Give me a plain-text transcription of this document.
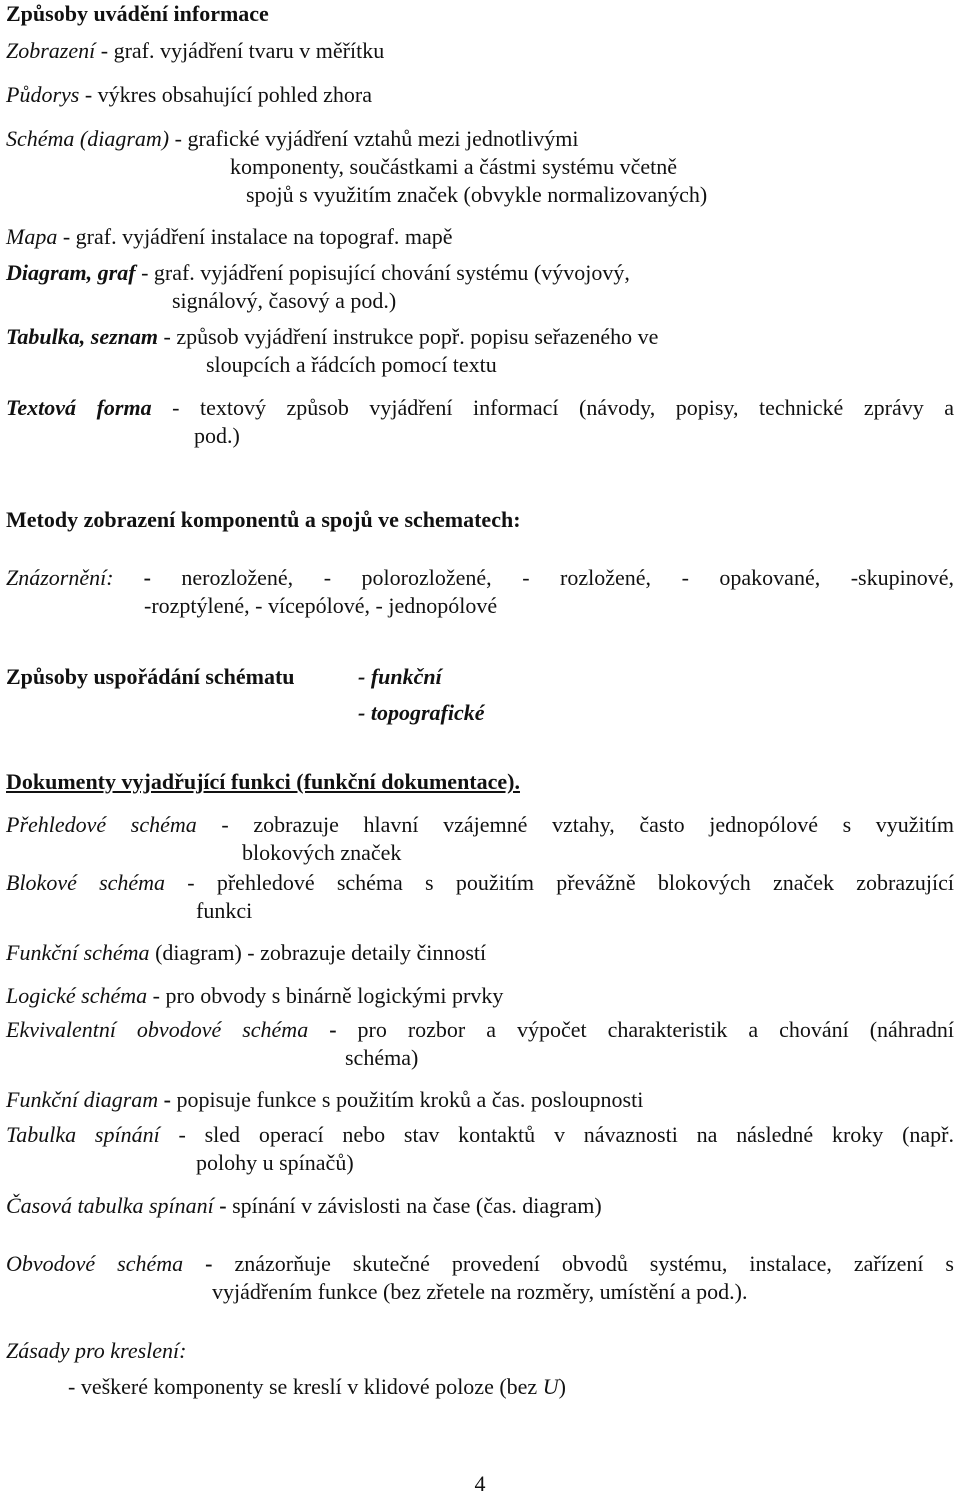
Způsoby uvádění informace
Zobrazení - graf. vyjádření tvaru v měřítku
Půdorys - výkres obsahující pohled zhora
Schéma (diagram) - grafické vyjádření vztahů mezi jednotlivými
komponenty, součástkami a částmi systému včetně
spojů s využitím značek (obvykle normalizovaných)
Mapa - graf. vyjádření instalace na topograf. mapě
Diagram, graf - graf. vyjádření popisující chování systému (vývojový,
signálový, časový a pod.)
Tabulka, seznam - způsob vyjádření instrukce popř. popisu seřazeného ve
sloupcích a řádcích pomocí textu
Textová forma - textový způsob vyjádření informací (návody, popisy, technické zprávy a
pod.)
Metody zobrazení komponentů a spojů ve schematech:
Znázornění: - nerozložené, - polorozložené, - rozložené, - opakované, -skupinové,
-rozptýlené, - vícepólové, - jednopólové
Způsoby uspořádání schématu	- funkční
- topografické
Dokumenty vyjadřující funkci (funkční dokumentace).
Přehledové schéma - zobrazuje hlavní vzájemné vztahy, často jednopólové s využitím
blokových značek
Blokové schéma - přehledové schéma s použitím převážně blokových značek zobrazující
funkci
Funkční schéma (diagram) - zobrazuje detaily činností
Logické schéma - pro obvody s binárně logickými prvky
Ekvivalentní obvodové schéma - pro rozbor a výpočet charakteristik a chování (náhradní
schéma)
Funkční diagram - popisuje funkce s použitím kroků a čas. posloupnosti
Tabulka spínání - sled operací nebo stav kontaktů v návaznosti na následné kroky (např.
polohy u spínačů)
Časová tabulka spínaní - spínání v závislosti na čase (čas. diagram)
Obvodové schéma - znázorňuje skutečné provedení obvodů systému, instalace, zařízení s
vyjádřením funkce (bez zřetele na rozměry, umístění a pod.).
Zásady pro kreslení:
- veškeré komponenty se kreslí v klidové poloze (bez U)
4
